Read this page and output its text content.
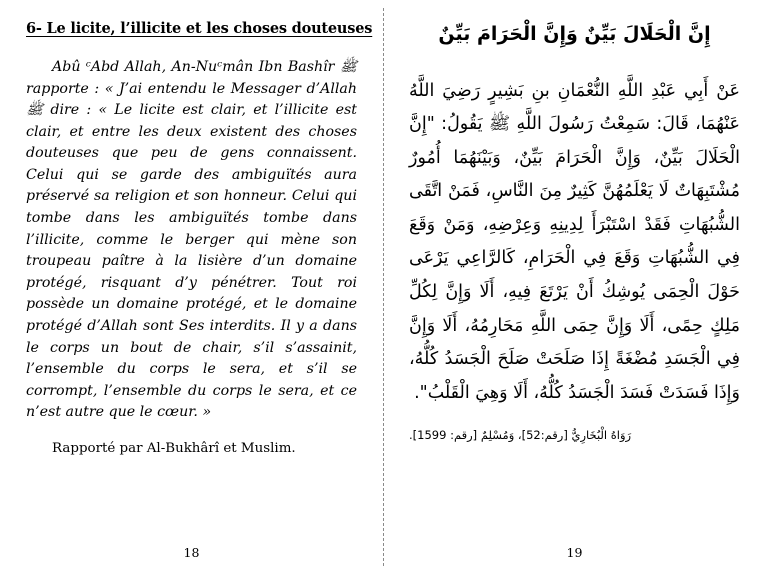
6- Le licite, l’illicite et les choses douteuses

Abû ᶜAbd Allah, An-Nuᶜmân Ibn Bashîr ﷺ rapporte : « J’ai entendu le Messager d’Allah ﷺ dire : « Le licite est clair, et l’illicite est clair, et entre les deux existent des choses douteuses que peu de gens connaissent. Celui qui se garde des ambiguïtés aura préservé sa religion et son honneur. Celui qui tombe dans les ambiguïtés tombe dans l’illicite, comme le berger qui mène son troupeau paître à la lisière d’un domaine protégé, risquant d’y pénétrer. Tout roi possède un domaine protégé, et le domaine protégé d’Allah sont Ses interdits. Il y a dans le corps un bout de chair, s’il s’assainit, l’ensemble du corps le sera, et s’il se corrompt, l’ensemble du corps le sera, et ce n’est autre que le cœur. »

Rapporté par Al-Bukhârî et Muslim.

18
إِنَّ الْحَلَالَ بَيِّنٌ وَإِنَّ الْحَرَامَ بَيِّنٌ

عَنْ أَبِي عَبْدِ اللَّهِ النُّعْمَانِ بنِ بَشِيرٍ رَضِيَ اللَّهُ عَنْهُمَا، قَالَ: سَمِعْتُ رَسُولَ اللَّهِ ﷺ يَقُولُ: "إِنَّ الْحَلَالَ بَيِّنٌ، وَإِنَّ الْحَرَامَ بَيِّنٌ، وَبَيْنَهُمَا أُمُورٌ مُشْتَبِهَاتٌ لَا يَعْلَمُهُنَّ كَثِيرٌ مِنَ النَّاسِ، فَمَنْ اتَّقَى الشُّبُهَاتِ فَقَدْ اسْتَبْرَأَ لِدِينِهِ وَعِرْضِهِ، وَمَنْ وَقَعَ فِي الشُّبُهَاتِ وَقَعَ فِي الْحَرَامِ، كَالرَّاعِي يَرْعَى حَوْلَ الْحِمَى يُوشِكُ أَنْ يَرْتَعَ فِيهِ، أَلَا وَإِنَّ لِكُلِّ مَلِكٍ حِمًى، أَلَا وَإِنَّ حِمَى اللَّهِ مَحَارِمُهُ، أَلَا وَإِنَّ فِي الْجَسَدِ مُضْغَةً إِذَا صَلَحَتْ صَلَحَ الْجَسَدُ كُلُّهُ، وَإِذَا فَسَدَتْ فَسَدَ الْجَسَدُ كُلُّهُ، أَلَا وَهِيَ الْقَلْبُ".

رَوَاهُ الْبُخَارِيُّ [رقم:52]، وَمُسْلِمٌ [رقم: 1599].

19
